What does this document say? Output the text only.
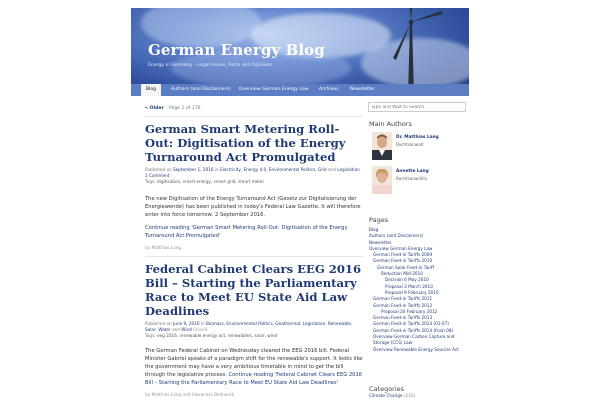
German Energy Blog
Energy in Germany – Legal Issues, Facts and Opinions
Blog	Authors (and Disclaimers) Overview German Energy Law Archives Newsletter
« Older – Page 1 of 176
German Smart Metering Roll-Out: Digitisation of the Energy Turnaround Act Promulgated
Published on September 1, 2016 in Electricity, Energy 4.0, Environmental Politics, Grid and Legislation
1 Comment
Tags: digitisation, smart energy, smart grid, smart meter
The new Digitisation of the Energy Turnaround Act (Gesetz zur Digitalisierung der Energiewende) has been published in today's Federal Law Gazette. It will therefore enter into force tomorrow, 2 September 2016.
Continue reading 'German Smart Metering Roll-Out: Digitisation of the Energy Turnaround Act Promulgated'
by Matthias Lang
Federal Cabinet Clears EEG 2016 Bill – Starting the Parliamentary Race to Meet EU State Aid Law Deadlines
Published on June 9, 2016 in Biomass, Environmental Politics, Geothermal, Legislation, Renewable, Solar, Water and Wind Closed
Tags: eeg 2016, renewable energy act, renewables, solar, wind
The German Federal Cabinet on Wednesday cleared the EEG 2016 bill. Federal Minister Gabriel speaks of a paradigm shift for the renewable's support. It looks like the government may have a very ambitious timetable in mind to get the bill through the legislative process. Continue reading 'Federal Cabinet Clears EEG 2016 Bill – Starting the Parliamentary Race to Meet EU State Aid Law Deadlines'
by Matthias Lang and Alexandra Bednarek
Type and Wait to Search
Main Authors
Dr. Matthias Lang
Rechtsanwalt
Annette Lang
Rechtsanwältin
Pages
Blog
Authors (and Disclaimers)
Newsletter
Overview German Energy Law
German Feed-in Tariffs 2009
German Feed-in Tariffs 2010
German Solar Feed-in Tariff
Reduction Mid-2010
Decision 6 May 2010
Proposal 3 March 2010
Proposal 9 February 2010
German Feed-in Tariffs 2011
German Feed-in Tariffs 2012
Proposal 20 February 2012
German Feed-in Tariffs 2013
German Feed-in Tariffs 2014 (01-07)
German Feed-in Tariffs 2014 (from 08)
Overview German Carbon Capture and Storage (CCS) Law
Overview Renewable Energy Sources Act
Categories
Climate Change (231)
